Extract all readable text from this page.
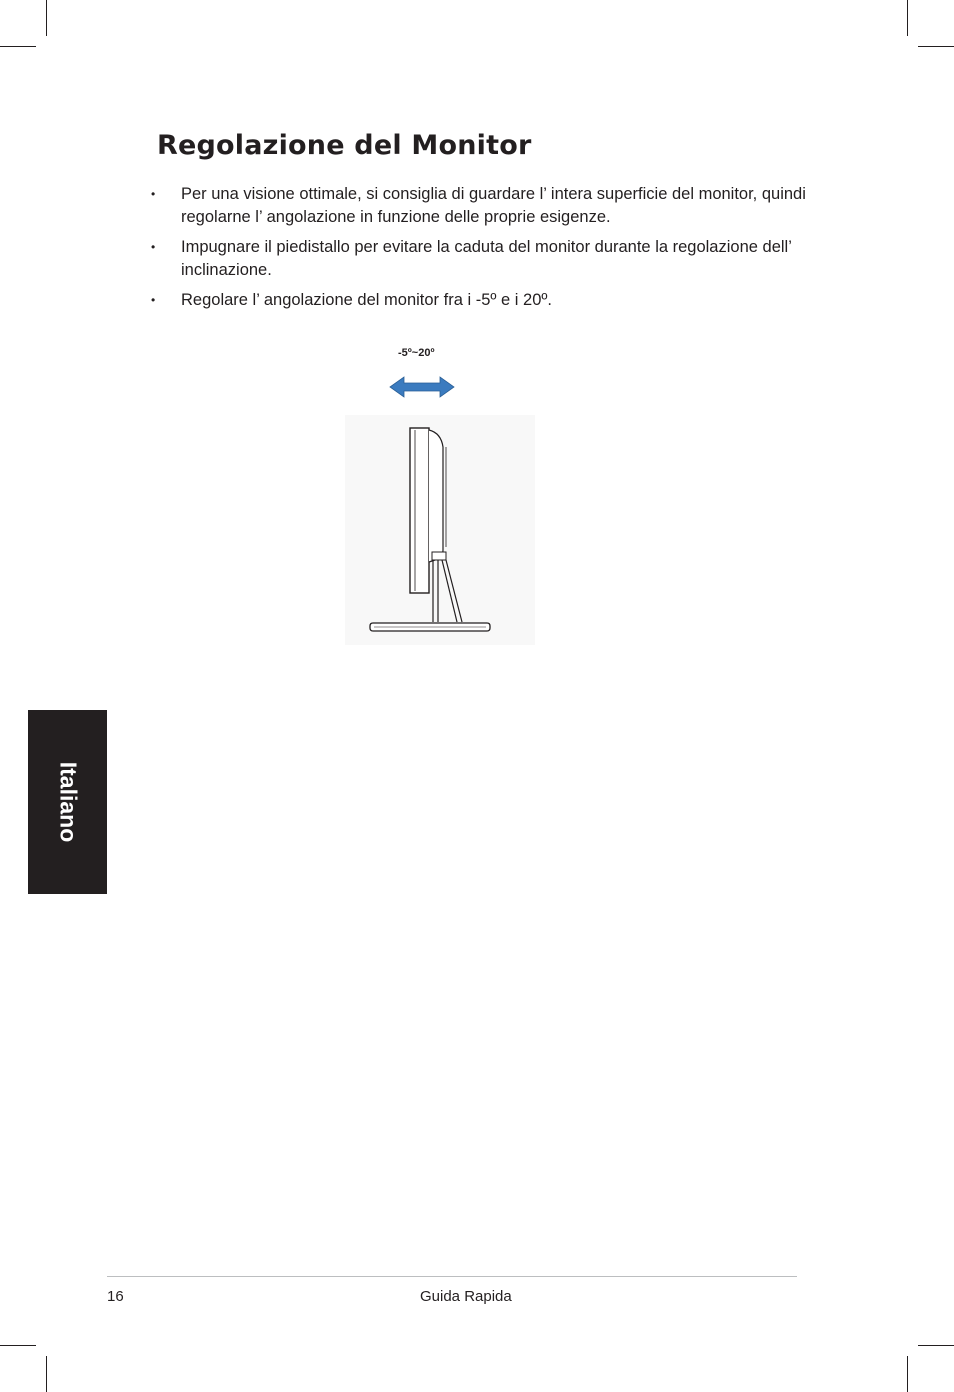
Regolazione del Monitor
• Per una visione ottimale, si consiglia di guardare l’ intera superficie del monitor, quindi regolarne l’ angolazione in funzione delle proprie esigenze.
• Impugnare il piedistallo per evitare la caduta del monitor durante la regolazione dell’ inclinazione.
• Regolare l’ angolazione del monitor fra i -5º e i 20º.
-5º~20º
Italiano
16	Guida Rapida
